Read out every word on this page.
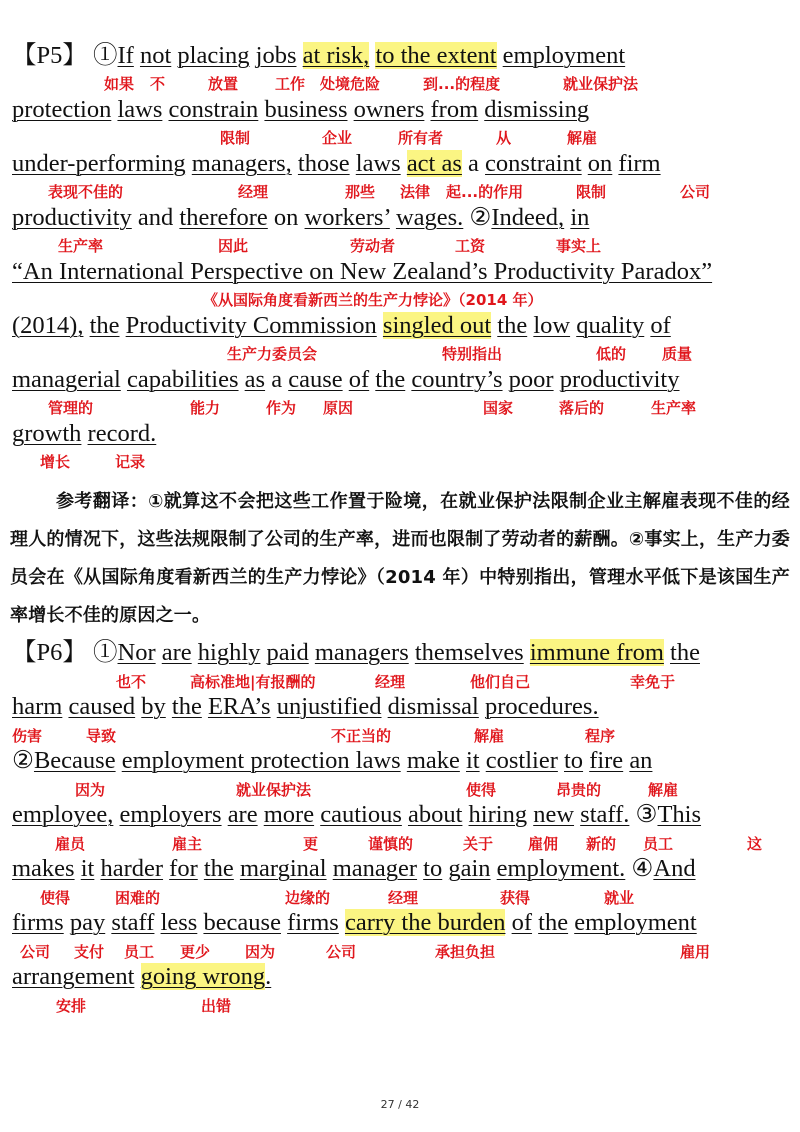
【P5】 ①If not placing jobs at risk, to the extent employment
protection laws constrain business owners from dismissing
under-performing managers, those laws act as a constraint on firm
productivity and therefore on workers’ wages. ②Indeed, in
“An International Perspective on New Zealand’s Productivity Paradox”
(2014), the Productivity Commission singled out the low quality of
managerial capabilities as a cause of the country’s poor productivity
growth record.
如果 不	放置 工作 处境危险	到...的程度	就业保护法
限制	企业	所有者	从	解雇
表现不佳的	经理	那些 法律 起...的作用	限制	公司
生产率	因此	劳动者	工资	事实上
《从国际角度看新西兰的生产力悖论》（2014 年）
生产力委员会	特别指出	低的 质量
管理的	能力	作为 原因	国家	落后的	生产率
增长	记录
参考翻译：①就算这不会把这些工作置于险境，在就业保护法限制企业主解雇表现不佳的经理人的情况下，这些法规限制了公司的生产率，进而也限制了劳动者的薪酬。②事实上，生产力委员会在《从国际角度看新西兰的生产力悖论》（2014 年）中特别指出，管理水平低下是该国生产率增长不佳的原因之一。
【P6】 ①Nor are highly paid managers themselves immune from the
harm caused by the ERA’s unjustified dismissal procedures.
②Because employment protection laws make it costlier to fire an
employee, employers are more cautious about hiring new staff. ③This
makes it harder for the marginal manager to gain employment. ④And
firms pay staff less because firms carry the burden of the employment
arrangement going wrong.
也不	高标准地|有报酬的	经理	他们自己	幸免于
伤害	导致	不正当的	解雇	程序
因为	就业保护法	使得	昂贵的	解雇
雇员	雇主	更	谨慎的	关于 雇佣 新的 员工	这
使得	困难的	边缘的	经理	获得	就业
公司 支付 员工 更少 因为	公司	承担负担	雇用
安排	出错
27 / 42
